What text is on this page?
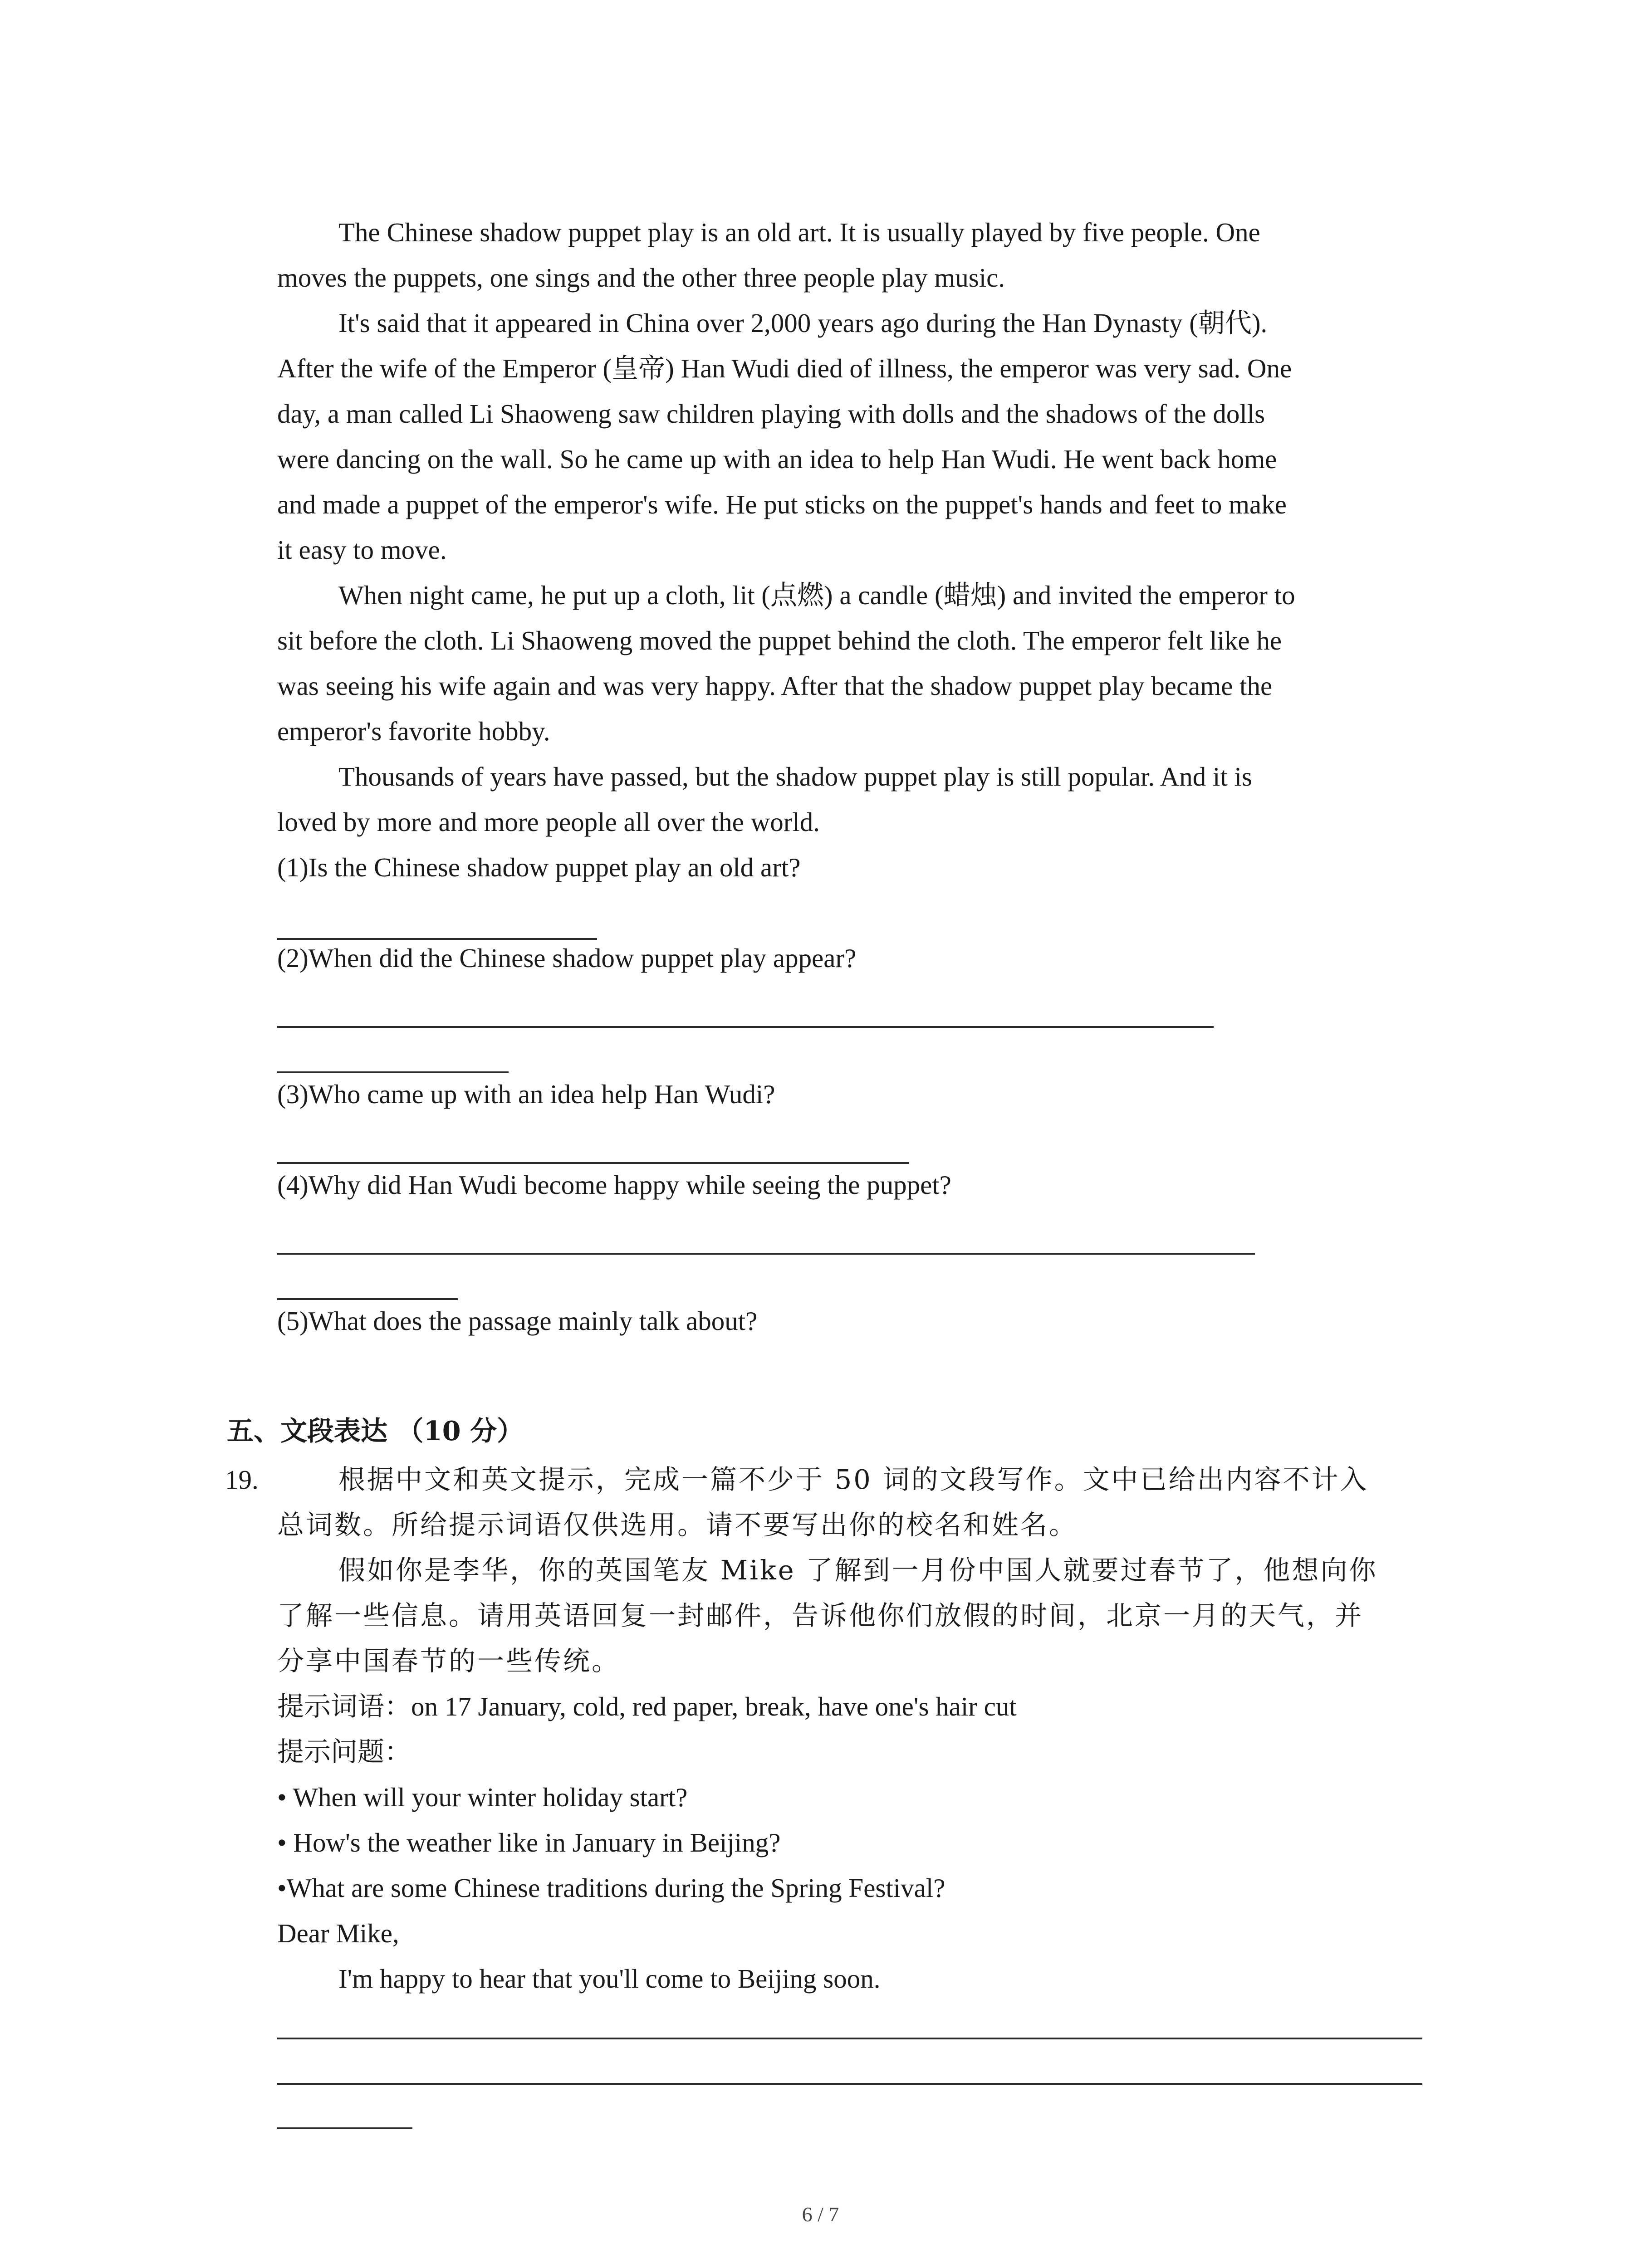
The Chinese shadow puppet play is an old art. It is usually played by five people. One
moves the puppets, one sings and the other three people play music.
It's said that it appeared in China over 2,000 years ago during the Han Dynasty (朝代).
After the wife of the Emperor (皇帝) Han Wudi died of illness, the emperor was very sad. One
day, a man called Li Shaoweng saw children playing with dolls and the shadows of the dolls
were dancing on the wall. So he came up with an idea to help Han Wudi. He went back home
and made a puppet of the emperor's wife. He put sticks on the puppet's hands and feet to make
it easy to move.
When night came, he put up a cloth, lit (点燃) a candle (蜡烛) and invited the emperor to
sit before the cloth. Li Shaoweng moved the puppet behind the cloth. The emperor felt like he
was seeing his wife again and was very happy. After that the shadow puppet play became the
emperor's favorite hobby.
Thousands of years have passed, but the shadow puppet play is still popular. And it is
loved by more and more people all over the world.
(1)Is the Chinese shadow puppet play an old art?
(2)When did the Chinese shadow puppet play appear?
(3)Who came up with an idea help Han Wudi?
(4)Why did Han Wudi become happy while seeing the puppet?
(5)What does the passage mainly talk about?
五、文段表达 （10 分）
19.	根据中文和英文提示，完成一篇不少于 50 词的文段写作。文中已给出内容不计入
总词数。所给提示词语仅供选用。请不要写出你的校名和姓名。
假如你是李华，你的英国笔友 Mike 了解到一月份中国人就要过春节了，他想向你
了解一些信息。请用英语回复一封邮件，告诉他你们放假的时间，北京一月的天气，并
分享中国春节的一些传统。
提示词语：on 17 January, cold, red paper, break, have one's hair cut
提示问题：
• When will your winter holiday start?
• How's the weather like in January in Beijing?
•What are some Chinese traditions during the Spring Festival?
Dear Mike,
I'm happy to hear that you'll come to Beijing soon.
6 / 7
